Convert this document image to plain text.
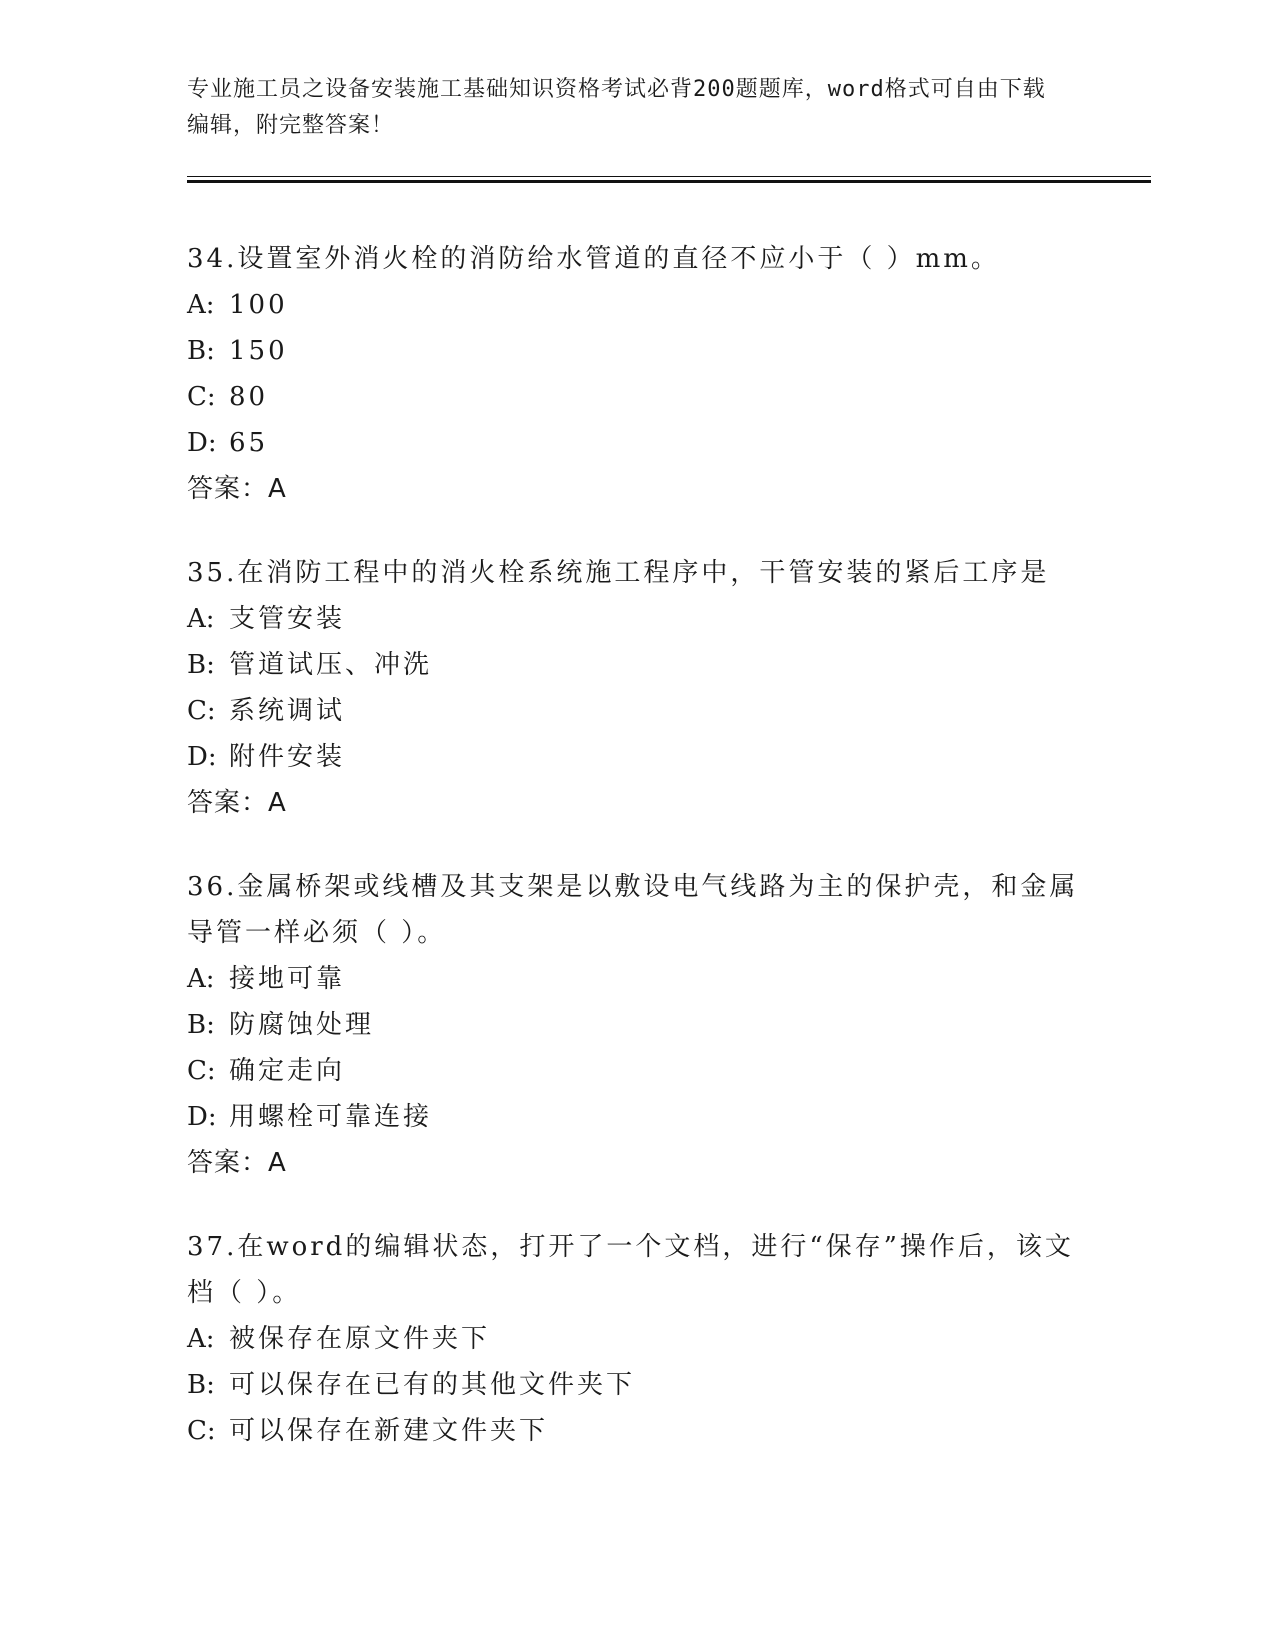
专业施工员之设备安装施工基础知识资格考试必背200题题库，word格式可自由下载编辑，附完整答案！

34.设置室外消火栓的消防给水管道的直径不应小于（ ）mm。

A: 100

B: 150

C: 80

D: 65

答案：A

35.在消防工程中的消火栓系统施工程序中，干管安装的紧后工序是

A: 支管安装

B: 管道试压、冲洗

C: 系统调试

D: 附件安装

答案：A

36.金属桥架或线槽及其支架是以敷设电气线路为主的保护壳，和金属导管一样必须（ ）。

A: 接地可靠

B: 防腐蚀处理

C: 确定走向

D: 用螺栓可靠连接

答案：A

37.在word的编辑状态，打开了一个文档，进行“保存”操作后，该文档（ ）。

A: 被保存在原文件夹下

B: 可以保存在已有的其他文件夹下

C: 可以保存在新建文件夹下
